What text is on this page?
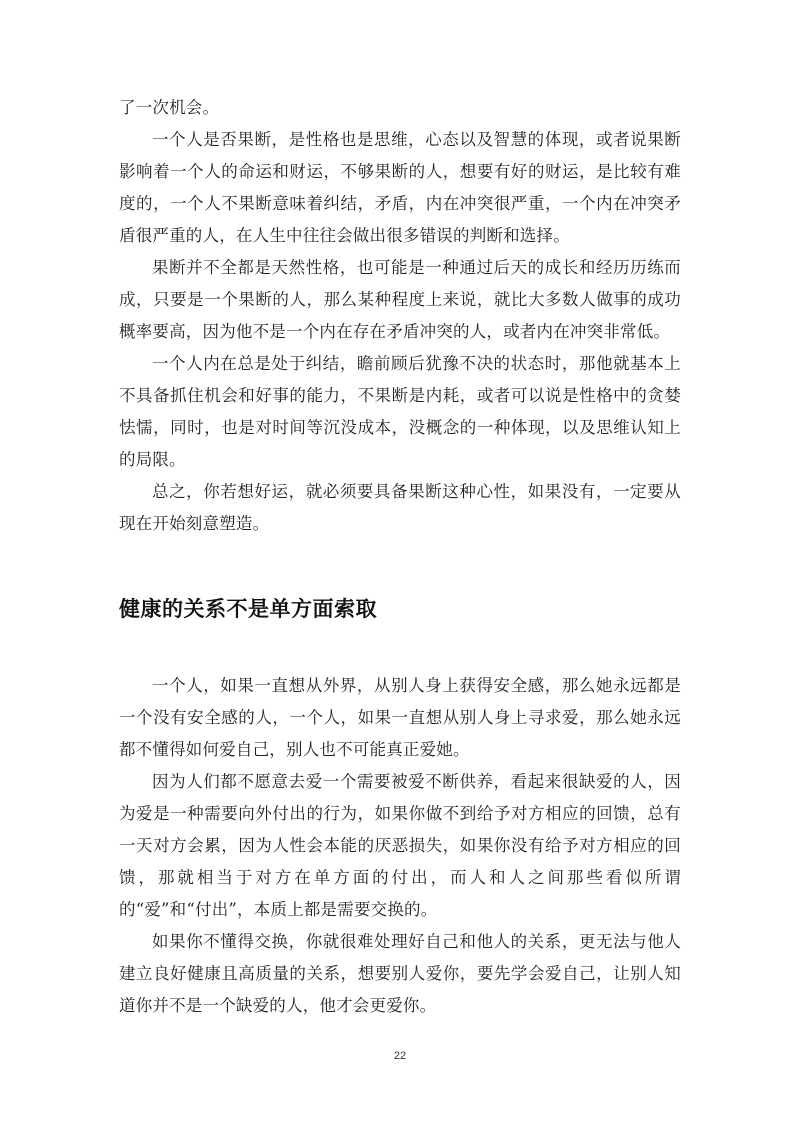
了一次机会。

一个人是否果断，是性格也是思维，心态以及智慧的体现，或者说果断影响着一个人的命运和财运，不够果断的人，想要有好的财运，是比较有难度的，一个人不果断意味着纠结，矛盾，内在冲突很严重，一个内在冲突矛盾很严重的人，在人生中往往会做出很多错误的判断和选择。

果断并不全都是天然性格，也可能是一种通过后天的成长和经历历练而成，只要是一个果断的人，那么某种程度上来说，就比大多数人做事的成功概率要高，因为他不是一个内在存在矛盾冲突的人，或者内在冲突非常低。

一个人内在总是处于纠结，瞻前顾后犹豫不决的状态时，那他就基本上不具备抓住机会和好事的能力，不果断是内耗，或者可以说是性格中的贪婪怯懦，同时，也是对时间等沉没成本，没概念的一种体现，以及思维认知上的局限。

总之，你若想好运，就必须要具备果断这种心性，如果没有，一定要从现在开始刻意塑造。

健康的关系不是单方面索取

一个人，如果一直想从外界，从别人身上获得安全感，那么她永远都是一个没有安全感的人，一个人，如果一直想从别人身上寻求爱，那么她永远都不懂得如何爱自己，别人也不可能真正爱她。

因为人们都不愿意去爱一个需要被爱不断供养，看起来很缺爱的人，因为爱是一种需要向外付出的行为，如果你做不到给予对方相应的回馈，总有一天对方会累，因为人性会本能的厌恶损失，如果你没有给予对方相应的回馈，那就相当于对方在单方面的付出，而人和人之间那些看似所谓的“爱”和“付出”，本质上都是需要交换的。

如果你不懂得交换，你就很难处理好自己和他人的关系，更无法与他人建立良好健康且高质量的关系，想要别人爱你，要先学会爱自己，让别人知道你并不是一个缺爱的人，他才会更爱你。

22
